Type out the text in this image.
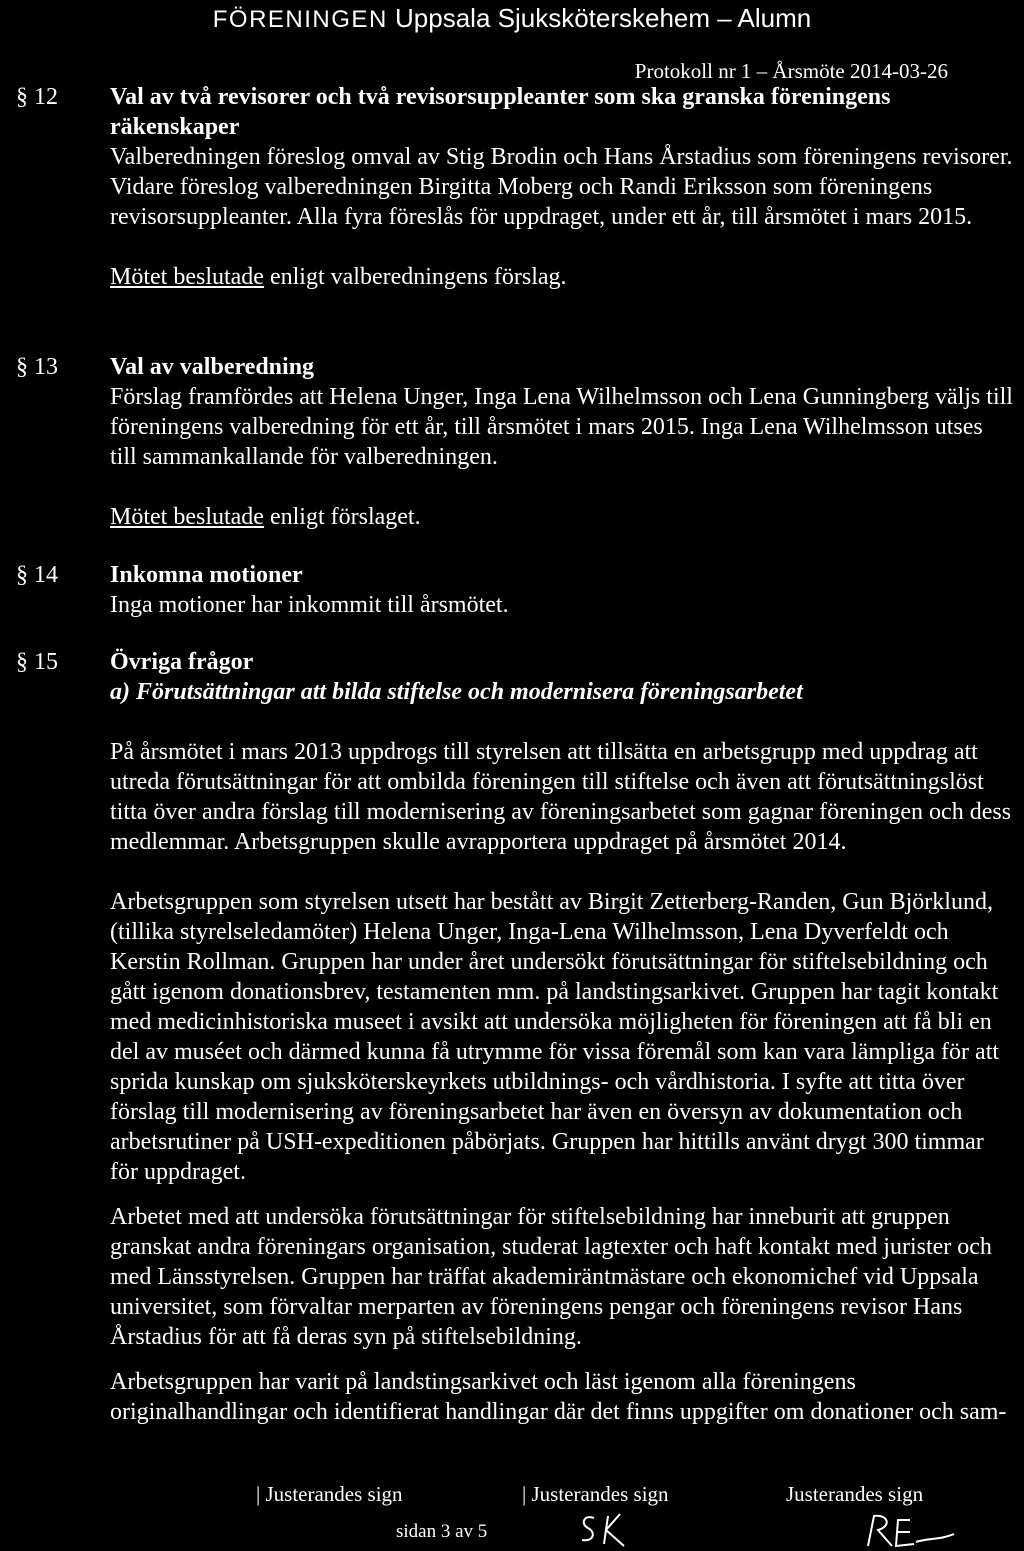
FÖRENINGEN Uppsala Sjuksköterskehem – Alumn
Protokoll nr 1 – Årsmöte 2014-03-26
§ 12 Val av två revisorer och två revisorsuppleanter som ska granska föreningens räkenskaper

Valberedningen föreslog omval av Stig Brodin och Hans Årstadius som föreningens revisorer. Vidare föreslog valberedningen Birgitta Moberg och Randi Eriksson som föreningens revisorsuppleanter. Alla fyra föreslås för uppdraget, under ett år, till årsmötet i mars 2015.

Mötet beslutade enligt valberedningens förslag.

§ 13 Val av valberedning

Förslag framfördes att Helena Unger, Inga Lena Wilhelmsson och Lena Gunningberg väljs till föreningens valberedning för ett år, till årsmötet i mars 2015. Inga Lena Wilhelmsson utses till sammankallande för valberedningen.

Mötet beslutade enligt förslaget.

§ 14 Inkomna motioner

Inga motioner har inkommit till årsmötet.

§ 15 Övriga frågor
a) Förutsättningar att bilda stiftelse och modernisera föreningsarbetet

På årsmötet i mars 2013 uppdrogs till styrelsen att tillsätta en arbetsgrupp med uppdrag att utreda förutsättningar för att ombilda föreningen till stiftelse och även att förutsättningslöst titta över andra förslag till modernisering av föreningsarbetet som gagnar föreningen och dess medlemmar. Arbetsgruppen skulle avrapportera uppdraget på årsmötet 2014.

Arbetsgruppen som styrelsen utsett har bestått av Birgit Zetterberg-Randen, Gun Björklund, (tillika styrelseledamöter) Helena Unger, Inga-Lena Wilhelmsson, Lena Dyverfeldt och Kerstin Rollman. Gruppen har under året undersökt förutsättningar för stiftelsebildning och gått igenom donationsbrev, testamenten mm. på landstingsarkivet. Gruppen har tagit kontakt med medicinhistoriska museet i avsikt att undersöka möjligheten för föreningen att få bli en del av muséet och därmed kunna få utrymme för vissa föremål som kan vara lämpliga för att sprida kunskap om sjuksköterskeyrkets utbildnings- och vårdhistoria. I syfte att titta över förslag till modernisering av föreningsarbetet har även en översyn av dokumentation och arbetsrutiner på USH-expeditionen påbörjats. Gruppen har hittills använt drygt 300 timmar för uppdraget.

Arbetet med att undersöka förutsättningar för stiftelsebildning har inneburit att gruppen granskat andra föreningars organisation, studerat lagtexter och haft kontakt med jurister och med Länsstyrelsen. Gruppen har träffat akademiräntmästare och ekonomichef vid Uppsala universitet, som förvaltar merparten av föreningens pengar och föreningens revisor Hans Årstadius för att få deras syn på stiftelsebildning.

Arbetsgruppen har varit på landstingsarkivet och läst igenom alla föreningens originalhandlingar och identifierat handlingar där det finns uppgifter om donationer och sam-

| Justerandes sign	| Justerandes sign	Justerandes sign
sidan 3 av 5
